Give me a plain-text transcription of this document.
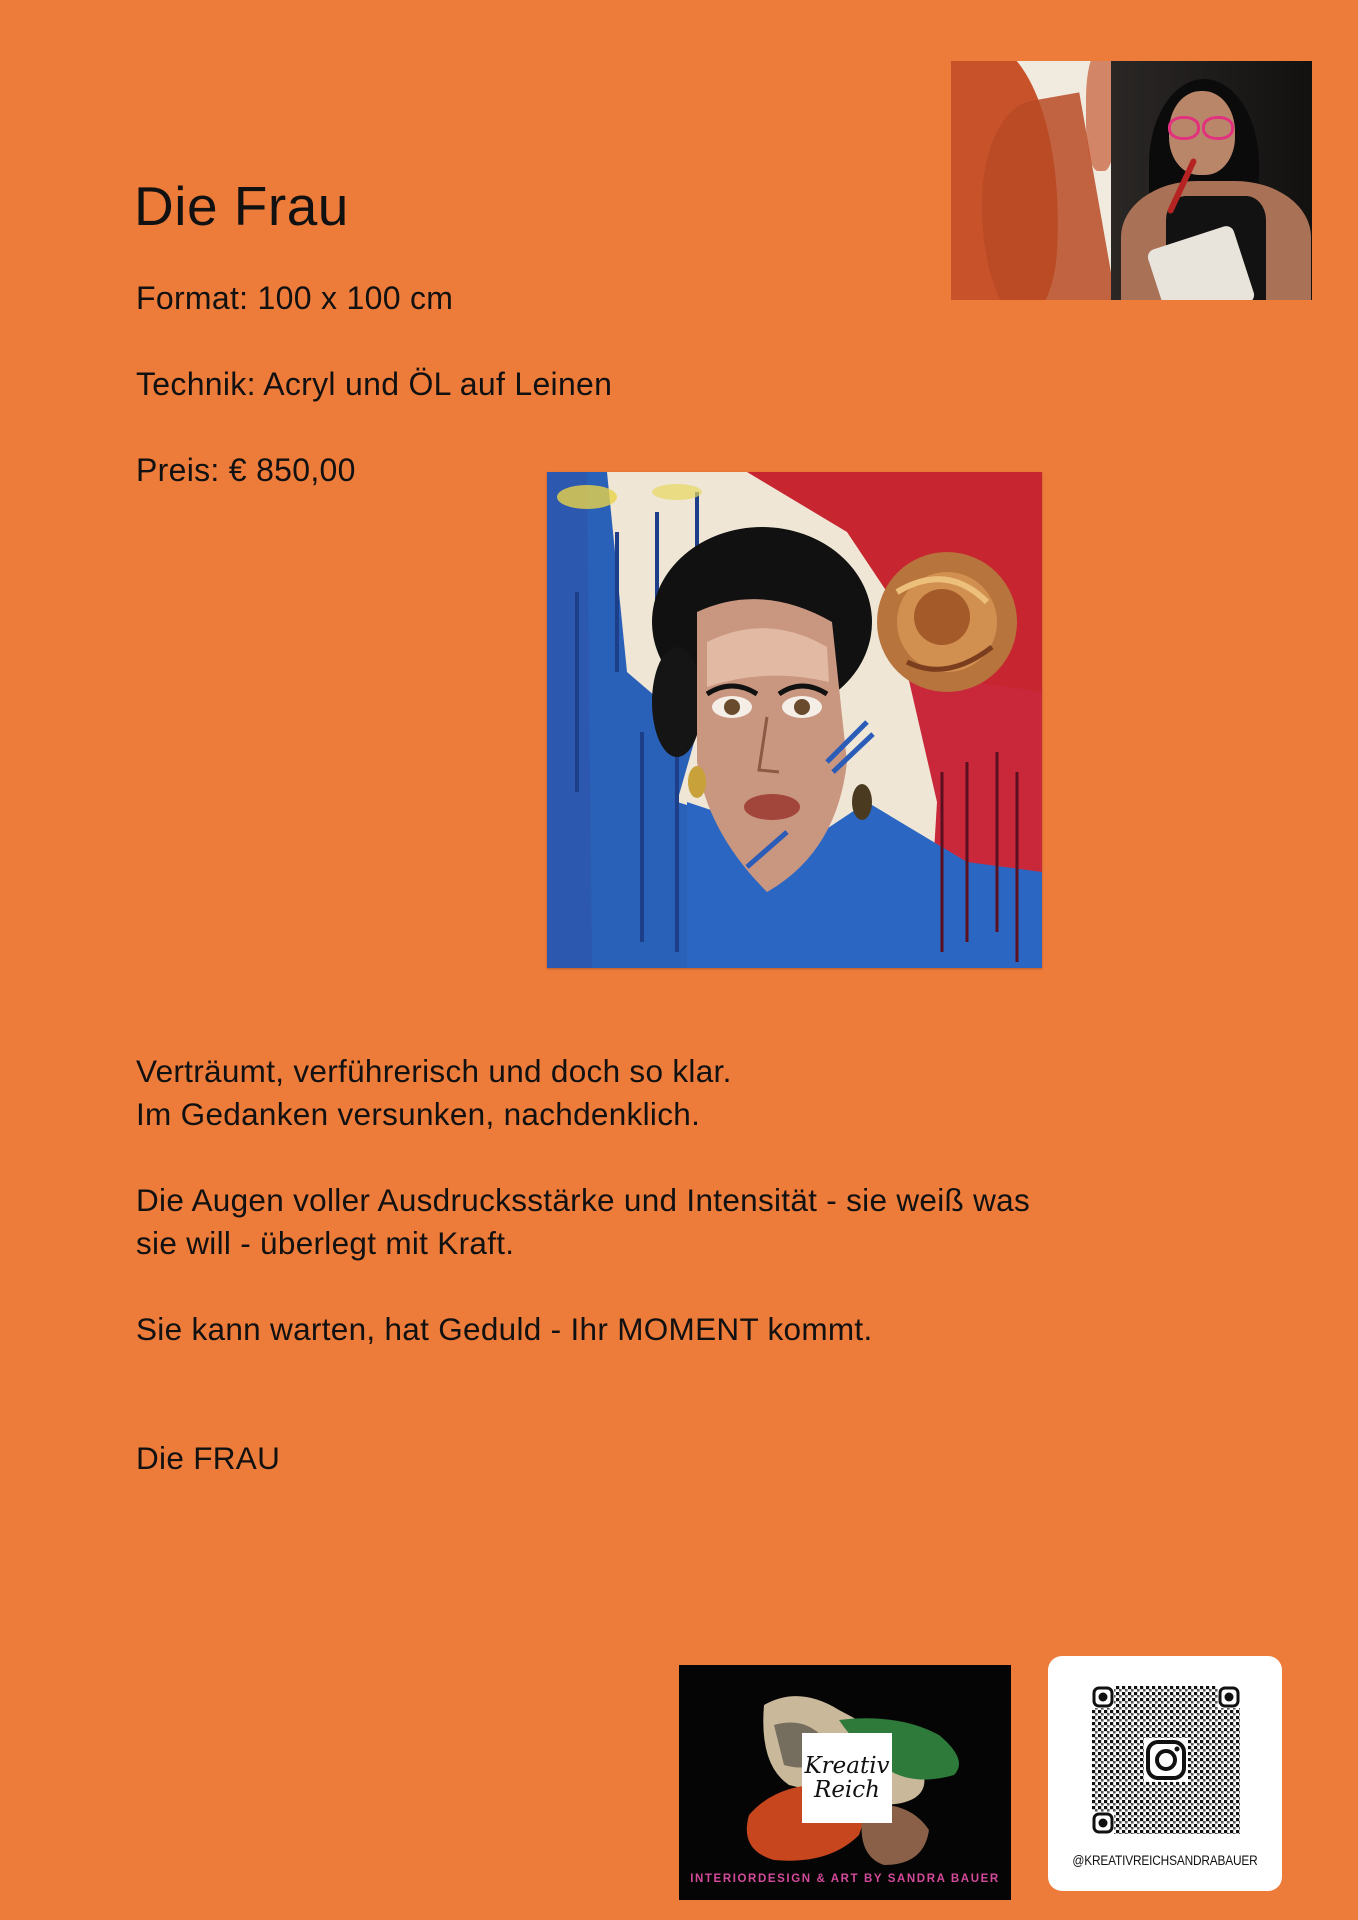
Die Frau
Format: 100 x 100 cm
Technik: Acryl und ÖL auf Leinen
Preis: € 850,00

Verträumt, verführerisch und doch so klar.

Im Gedanken versunken, nachdenklich.

Die Augen voller Ausdrucksstärke und Intensität - sie weiß was

sie will - überlegt mit Kraft.

Sie kann warten, hat Geduld - Ihr MOMENT kommt.

Die FRAU

Kreativ
Reich
INTERIORDESIGN & ART BY SANDRA BAUER
@KREATIVREICHSANDRABAUER
